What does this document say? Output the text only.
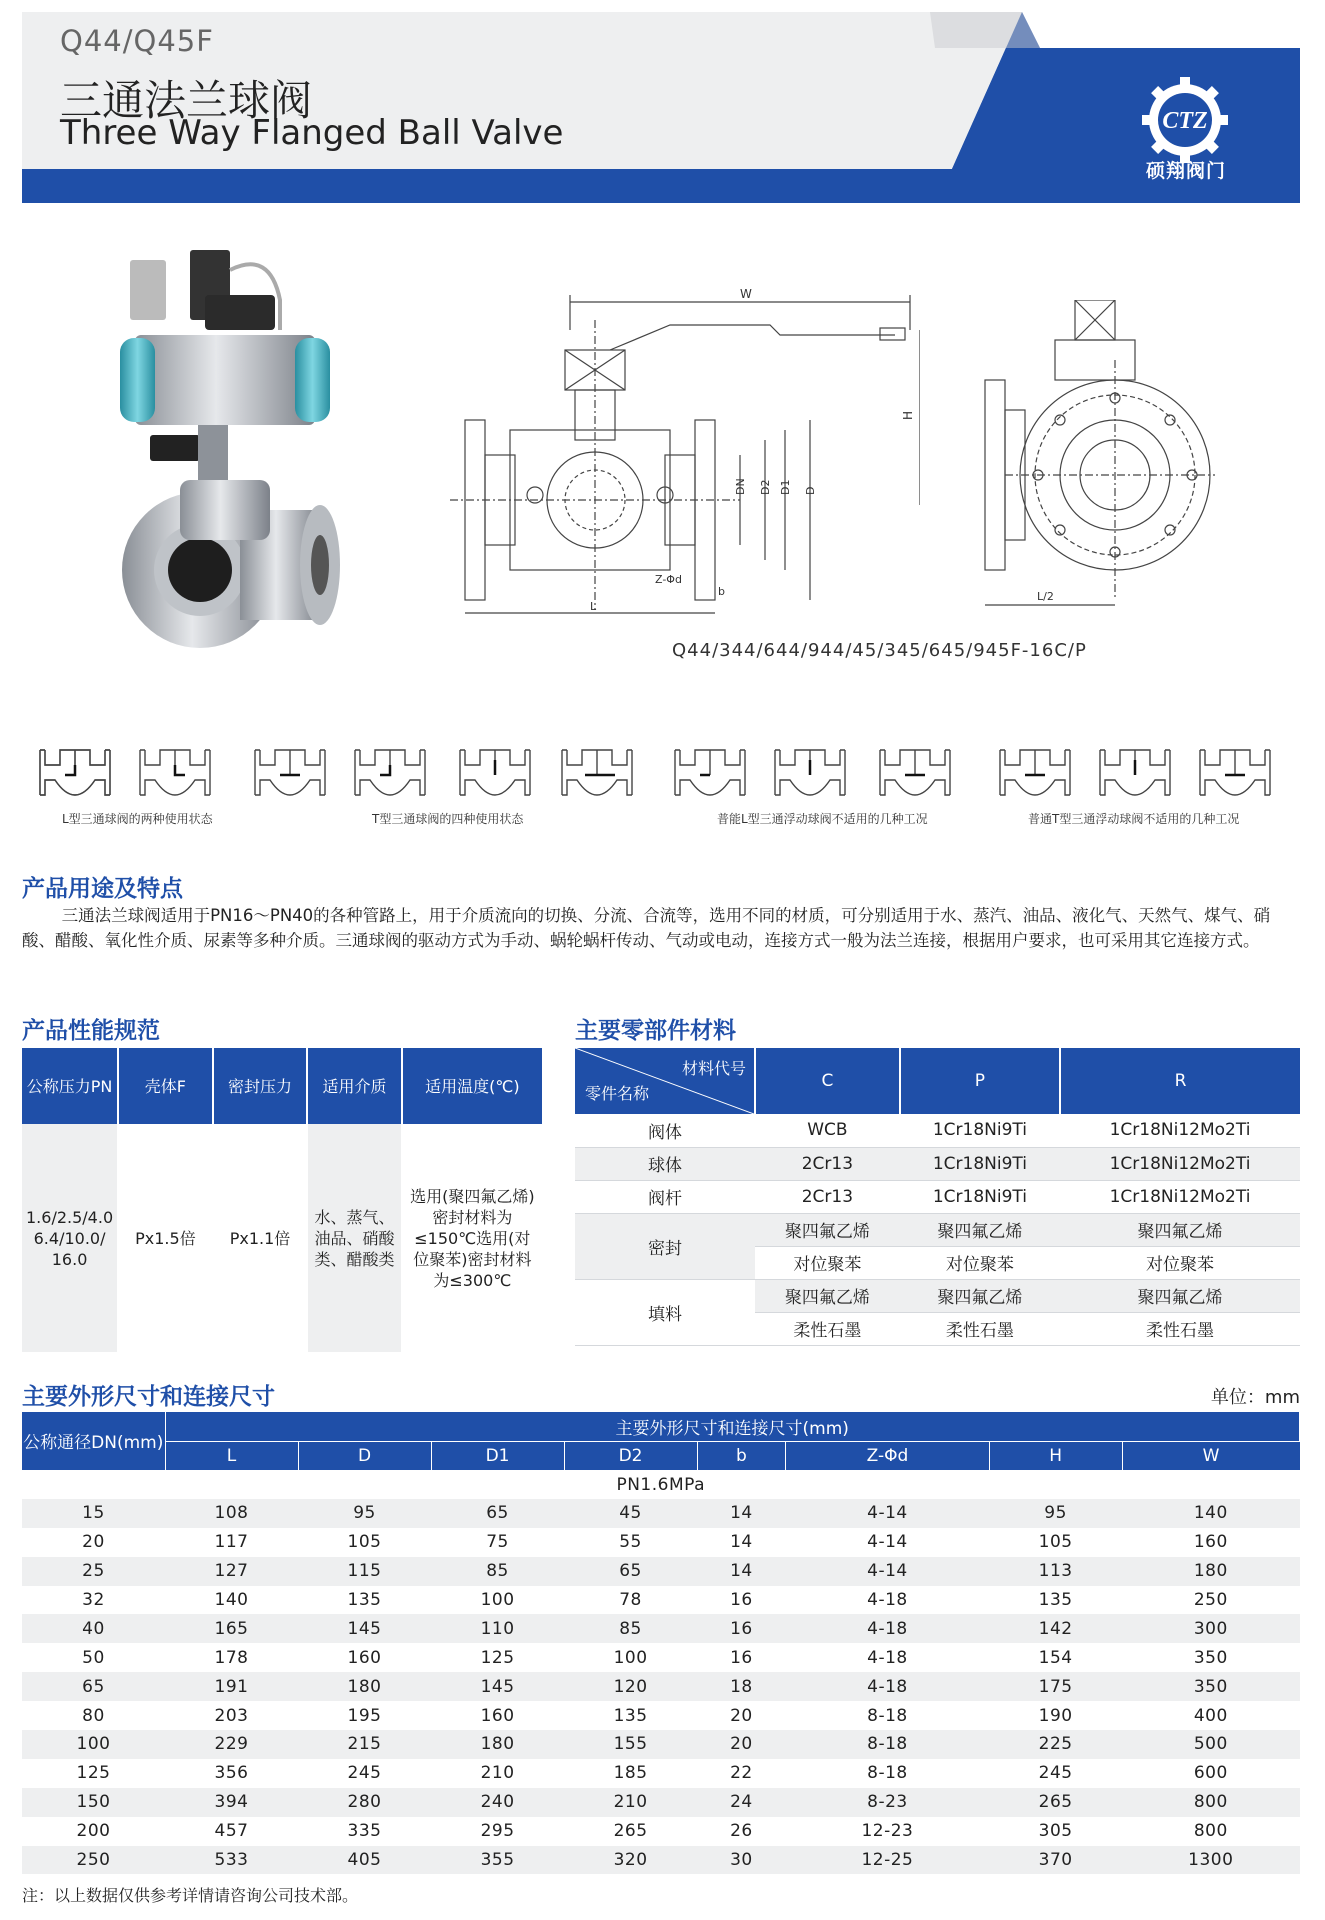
Q44/Q45F
三通法兰球阀
Three Way Flanged Ball Valve	CTZ
硕翔阀门
W
H
DN D2 D1 D
Z-Φd
L
b	L/2
Q44/344/644/944/45/345/645/945F-16C/P
L型三通球阀的两种使用状态	T型三通球阀的四种使用状态	普能L型三通浮动球阀不适用的几种工况	普通T型三通浮动球阀不适用的几种工况
产品用途及特点

三通法兰球阀适用于PN16～PN40的各种管路上，用于介质流向的切换、分流、合流等，选用不同的材质，可分别适用于水、蒸汽、油品、液化气、天然气、煤气、硝酸、醋酸、氧化性介质、尿素等多种介质。三通球阀的驱动方式为手动、蜗轮蜗杆传动、气动或电动，连接方式一般为法兰连接，根据用户要求，也可采用其它连接方式。

产品性能规范
公称压力PN	壳体F	密封压力	适用介质	适用温度(℃)
1.6/2.5/4.0 6.4/10.0/ 16.0	Px1.5倍	Px1.1倍	水、蒸气、油品、硝酸类、醋酸类	选用(聚四氟乙烯)密封材料为≤150℃选用(对位聚苯)密封材料为≤300℃
主要零部件材料
材料代号
零件名称	C	P	R
阀体	WCB	1Cr18Ni9Ti	1Cr18Ni12Mo2Ti
球体	2Cr13	1Cr18Ni9Ti	1Cr18Ni12Mo2Ti
阀杆	2Cr13	1Cr18Ni9Ti	1Cr18Ni12Mo2Ti
密封	聚四氟乙烯	聚四氟乙烯	聚四氟乙烯
	对位聚苯	对位聚苯	对位聚苯
填料	聚四氟乙烯	聚四氟乙烯	聚四氟乙烯
	柔性石墨	柔性石墨	柔性石墨
主要外形尺寸和连接尺寸	单位：mm
公称通径DN(mm)	主要外形尺寸和连接尺寸(mm)							
	L	D	D1	D2	b	Z-Φd	H	W
PN1.6MPa								
15	108	95	65	45	14	4-14	95	140
20	117	105	75	55	14	4-14	105	160
25	127	115	85	65	14	4-14	113	180
32	140	135	100	78	16	4-18	135	250
40	165	145	110	85	16	4-18	142	300
50	178	160	125	100	16	4-18	154	350
65	191	180	145	120	18	4-18	175	350
80	203	195	160	135	20	8-18	190	400
100	229	215	180	155	20	8-18	225	500
125	356	245	210	185	22	8-18	245	600
150	394	280	240	210	24	8-23	265	800
200	457	335	295	265	26	12-23	305	800
250	533	405	355	320	30	12-25	370	1300
注：以上数据仅供参考详情请咨询公司技术部。
